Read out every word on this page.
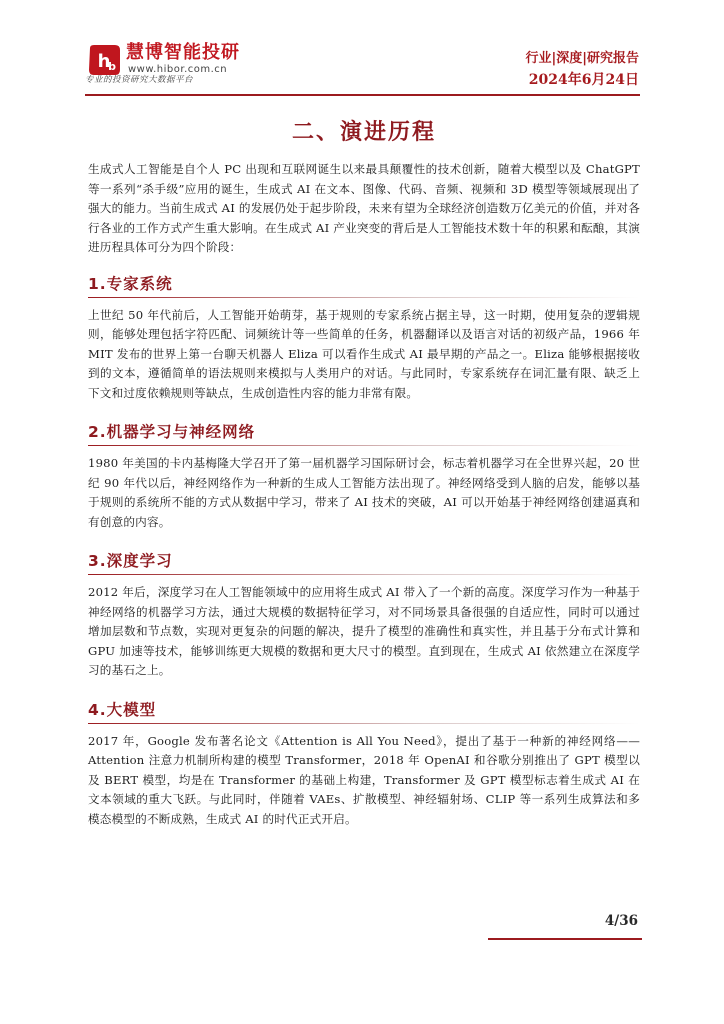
h
b
慧博智能投研
www.hibor.com.cn
专业的投资研究大数据平台
行业|深度|研究报告
2024年6月24日
二、演进历程

生成式人工智能是自个人 PC 出现和互联网诞生以来最具颠覆性的技术创新，随着大模型以及 ChatGPT 等一系列“杀手级”应用的诞生，生成式 AI 在文本、图像、代码、音频、视频和 3D 模型等领域展现出了强大的能力。当前生成式 AI 的发展仍处于起步阶段，未来有望为全球经济创造数万亿美元的价值，并对各行各业的工作方式产生重大影响。在生成式 AI 产业突变的背后是人工智能技术数十年的积累和酝酿，其演进历程具体可分为四个阶段：

1.专家系统

上世纪 50 年代前后，人工智能开始萌芽，基于规则的专家系统占据主导，这一时期，使用复杂的逻辑规则，能够处理包括字符匹配、词频统计等一些简单的任务，机器翻译以及语言对话的初级产品，1966 年 MIT 发布的世界上第一台聊天机器人 Eliza 可以看作生成式 AI 最早期的产品之一。Eliza 能够根据接收到的文本，遵循简单的语法规则来模拟与人类用户的对话。与此同时，专家系统存在词汇量有限、缺乏上下文和过度依赖规则等缺点，生成创造性内容的能力非常有限。

2.机器学习与神经网络

1980 年美国的卡内基梅隆大学召开了第一届机器学习国际研讨会，标志着机器学习在全世界兴起，20 世纪 90 年代以后，神经网络作为一种新的生成人工智能方法出现了。神经网络受到人脑的启发，能够以基于规则的系统所不能的方式从数据中学习，带来了 AI 技术的突破，AI 可以开始基于神经网络创建逼真和有创意的内容。

3.深度学习

2012 年后，深度学习在人工智能领域中的应用将生成式 AI 带入了一个新的高度。深度学习作为一种基于神经网络的机器学习方法，通过大规模的数据特征学习，对不同场景具备很强的自适应性，同时可以通过增加层数和节点数，实现对更复杂的问题的解决，提升了模型的准确性和真实性，并且基于分布式计算和 GPU 加速等技术，能够训练更大规模的数据和更大尺寸的模型。直到现在，生成式 AI 依然建立在深度学习的基石之上。

4.大模型

2017 年，Google 发布著名论文《Attention is All You Need》，提出了基于一种新的神经网络——Attention 注意力机制所构建的模型 Transformer，2018 年 OpenAI 和谷歌分别推出了 GPT 模型以及 BERT 模型，均是在 Transformer 的基础上构建，Transformer 及 GPT 模型标志着生成式 AI 在文本领域的重大飞跃。与此同时，伴随着 VAEs、扩散模型、神经辐射场、CLIP 等一系列生成算法和多模态模型的不断成熟，生成式 AI 的时代正式开启。

4/36
